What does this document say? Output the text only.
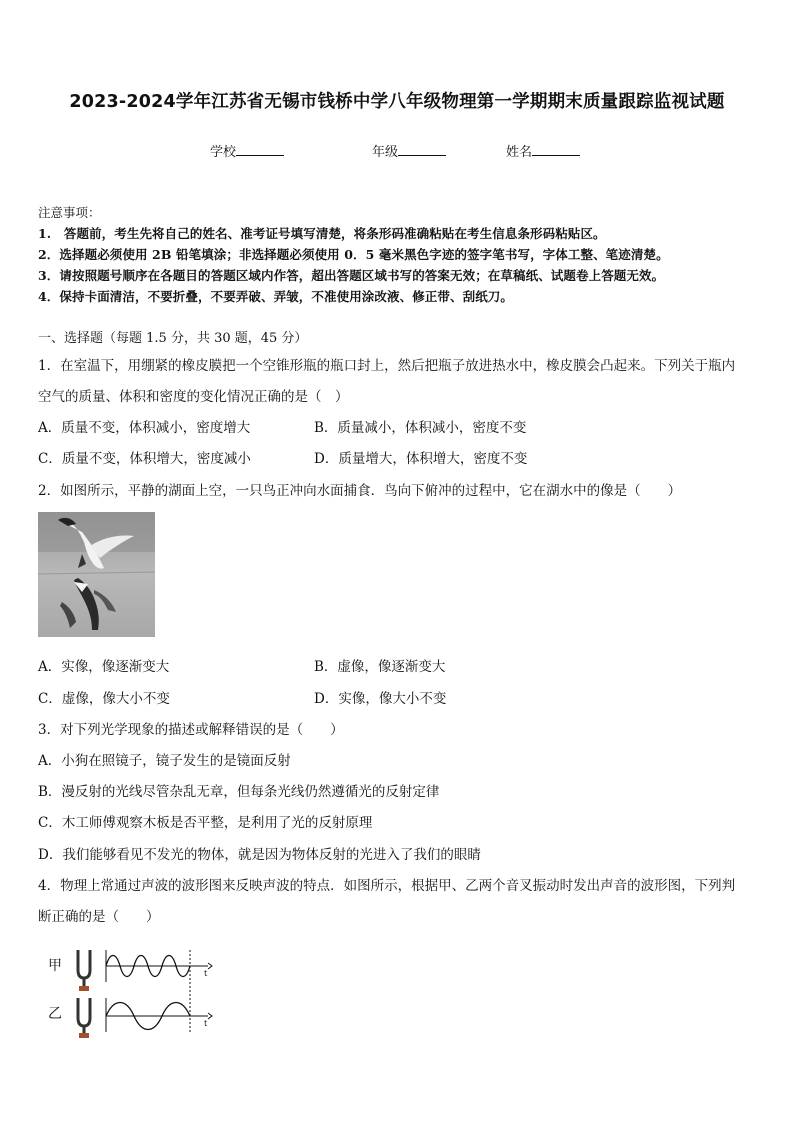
2023-2024学年江苏省无锡市钱桥中学八年级物理第一学期期末质量跟踪监视试题
学校	年级	姓名
注意事项：
1.　答题前，考生先将自己的姓名、准考证号填写清楚，将条形码准确粘贴在考生信息条形码粘贴区。
2．选择题必须使用 2B 铅笔填涂；非选择题必须使用 0．5 毫米黑色字迹的签字笔书写，字体工整、笔迹清楚。
3．请按照题号顺序在各题目的答题区域内作答，超出答题区域书写的答案无效；在草稿纸、试题卷上答题无效。
4．保持卡面清洁，不要折叠，不要弄破、弄皱，不准使用涂改液、修正带、刮纸刀。
一、选择题（每题 1.5 分，共 30 题，45 分）
1．在室温下，用绷紧的橡皮膜把一个空锥形瓶的瓶口封上，然后把瓶子放进热水中，橡皮膜会凸起来。下列关于瓶内
空气的质量、体积和密度的变化情况正确的是（　）
A．质量不变，体积减小，密度增大	B．质量减小，体积减小，密度不变
C．质量不变，体积增大，密度减小	D．质量增大，体积增大，密度不变
2．如图所示，平静的湖面上空，一只鸟正冲向水面捕食．鸟向下俯冲的过程中，它在湖水中的像是（　　）
A．实像，像逐渐变大	B．虚像，像逐渐变大
C．虚像，像大小不变	D．实像，像大小不变
3．对下列光学现象的描述或解释错误的是（　　）
A．小狗在照镜子，镜子发生的是镜面反射
B．漫反射的光线尽管杂乱无章，但每条光线仍然遵循光的反射定律
C．木工师傅观察木板是否平整，是利用了光的反射原理
D．我们能够看见不发光的物体，就是因为物体反射的光进入了我们的眼睛
4．物理上常通过声波的波形图来反映声波的特点．如图所示，根据甲、乙两个音叉振动时发出声音的波形图，下列判
断正确的是（　　）
甲
乙
t
t
